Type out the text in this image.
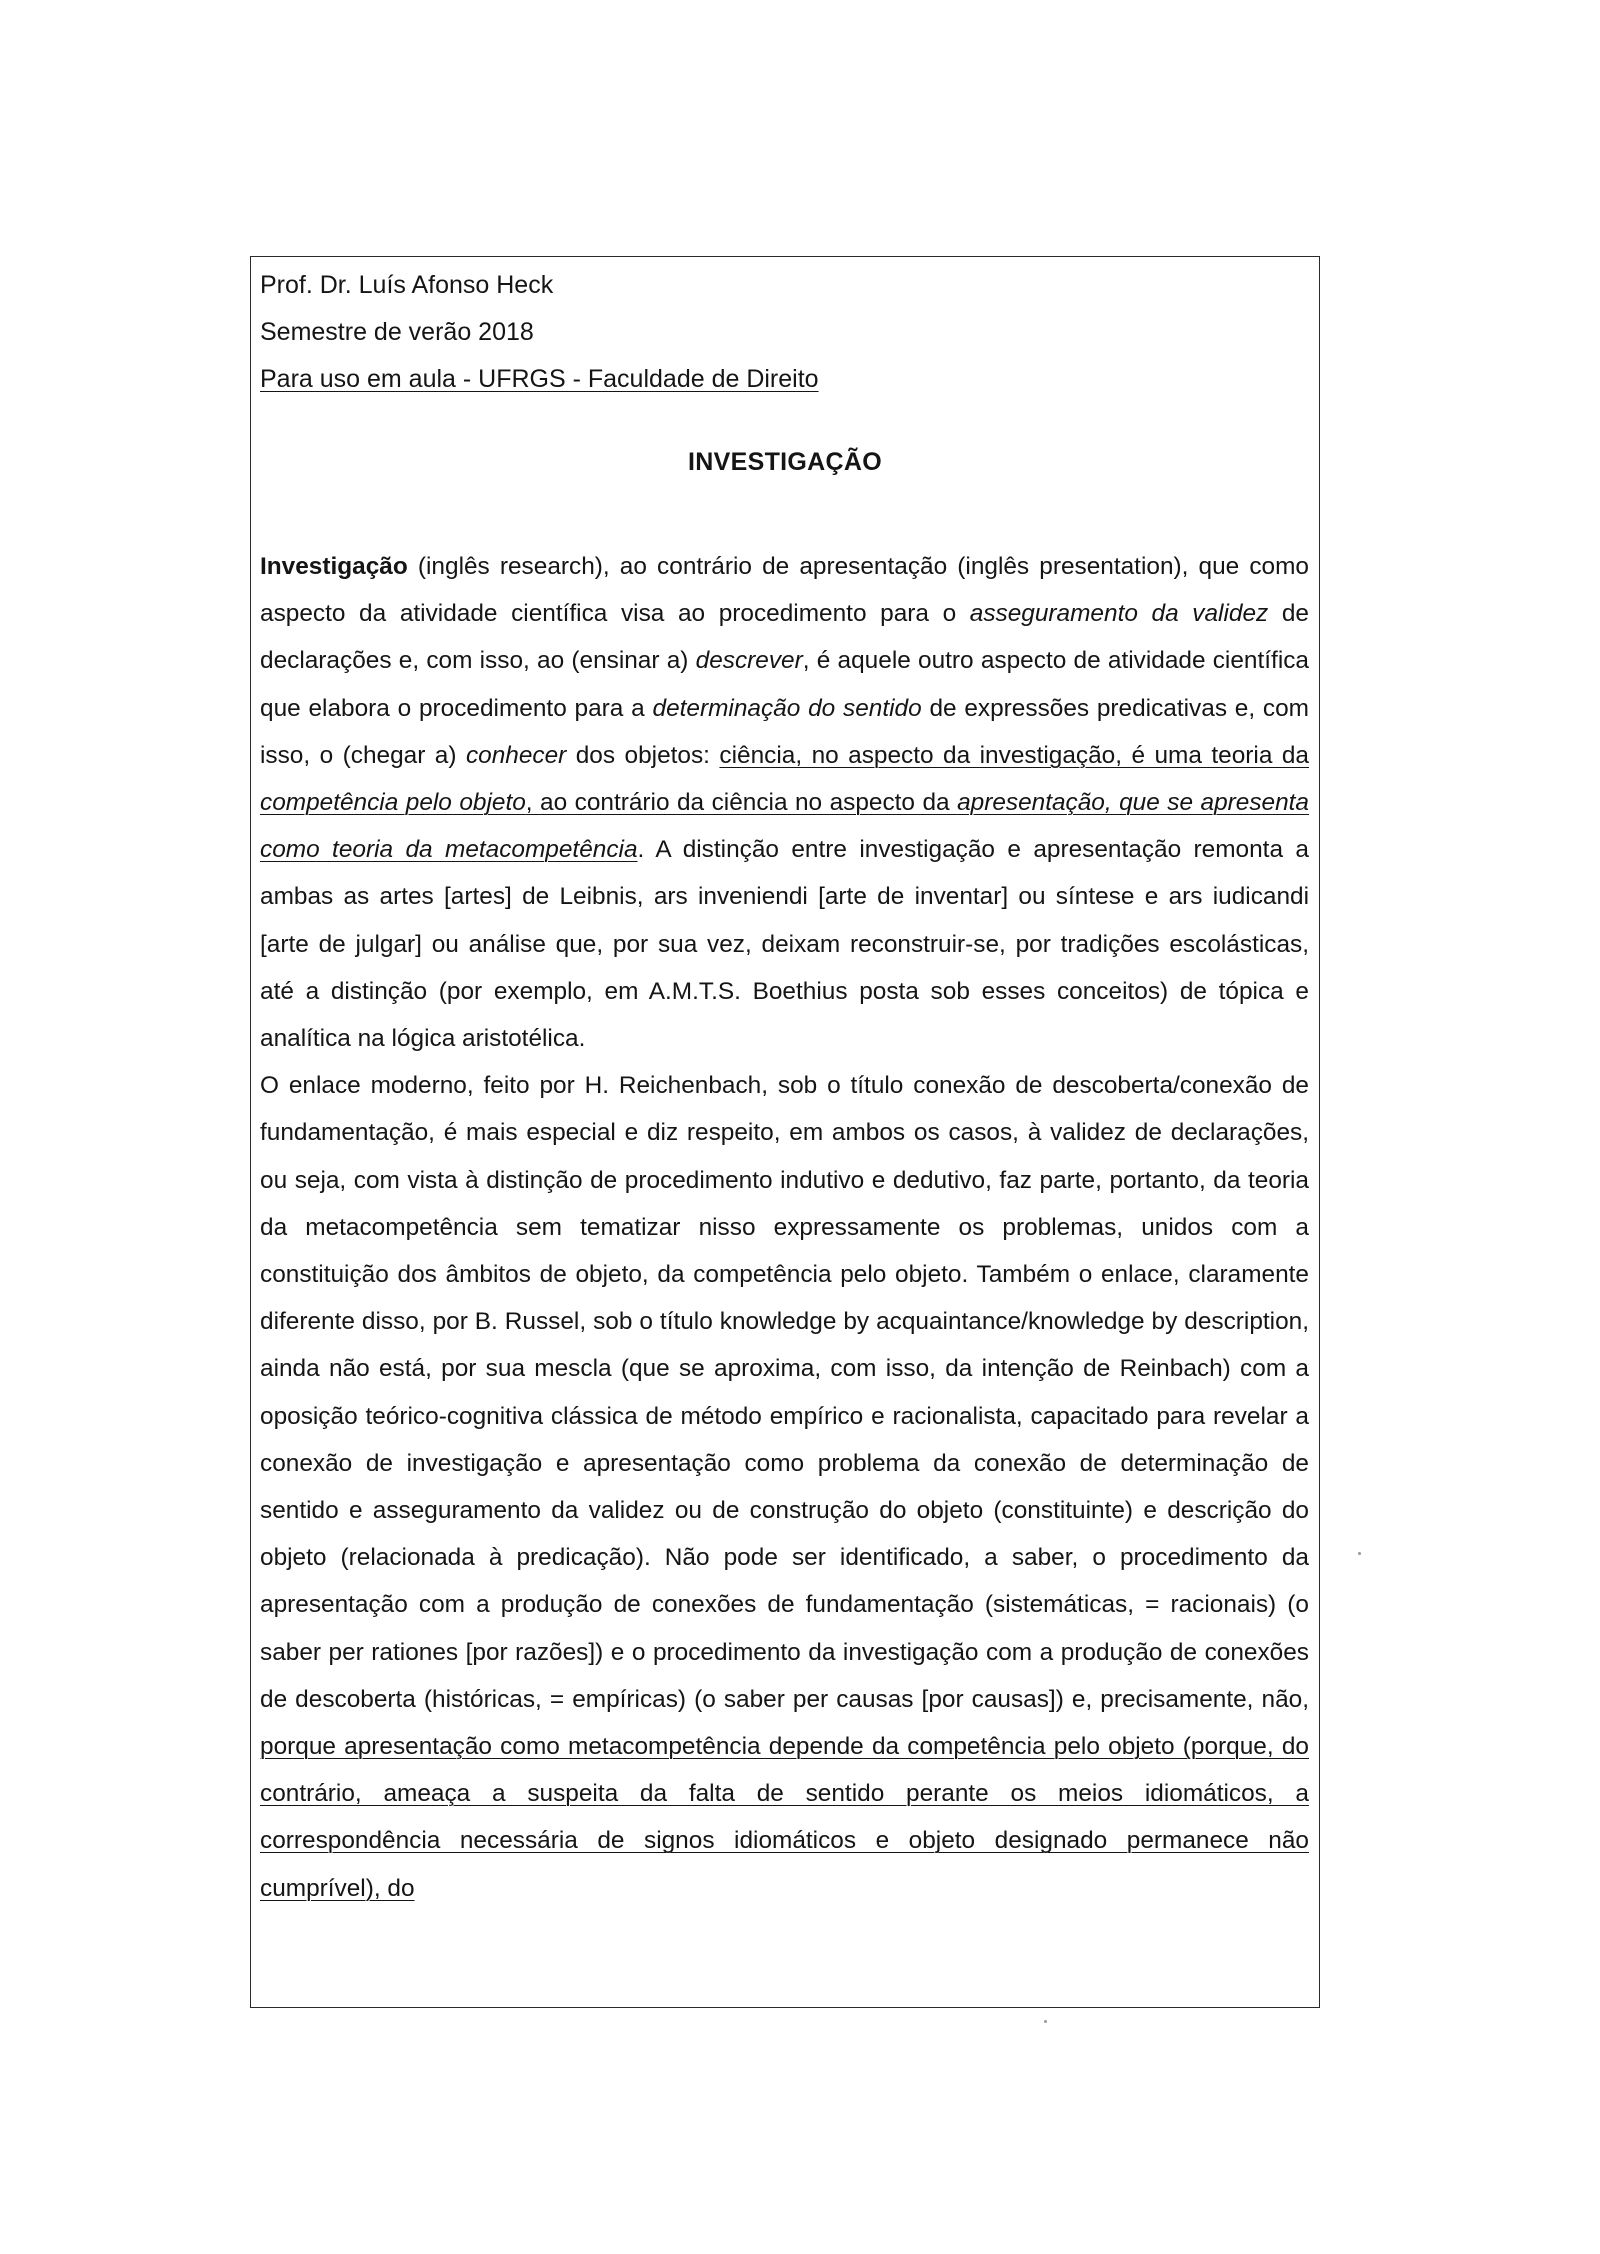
Prof. Dr. Luís Afonso Heck
Semestre de verão 2018
Para uso em aula - UFRGS - Faculdade de Direito
INVESTIGAÇÃO

Investigação (inglês research), ao contrário de apresentação (inglês presentation), que como aspecto da atividade científica visa ao procedimento para o asseguramento da validez de declarações e, com isso, ao (ensinar a) descrever, é aquele outro aspecto de atividade científica que elabora o procedimento para a determinação do sentido de expressões predicativas e, com isso, o (chegar a) conhecer dos objetos: ciência, no aspecto da investigação, é uma teoria da competência pelo objeto, ao contrário da ciência no aspecto da apresentação, que se apresenta como teoria da metacompetência. A distinção entre investigação e apresentação remonta a ambas as artes [artes] de Leibnis, ars inveniendi [arte de inventar] ou síntese e ars iudicandi [arte de julgar] ou análise que, por sua vez, deixam reconstruir-se, por tradições escolásticas, até a distinção (por exemplo, em A.M.T.S. Boethius posta sob esses conceitos) de tópica e analítica na lógica aristotélica.

O enlace moderno, feito por H. Reichenbach, sob o título conexão de descoberta/conexão de fundamentação, é mais especial e diz respeito, em ambos os casos, à validez de declarações, ou seja, com vista à distinção de procedimento indutivo e dedutivo, faz parte, portanto, da teoria da metacompetência sem tematizar nisso expressamente os problemas, unidos com a constituição dos âmbitos de objeto, da competência pelo objeto. Também o enlace, claramente diferente disso, por B. Russel, sob o título knowledge by acquaintance/knowledge by description, ainda não está, por sua mescla (que se aproxima, com isso, da intenção de Reinbach) com a oposição teórico-cognitiva clássica de método empírico e racionalista, capacitado para revelar a conexão de investigação e apresentação como problema da conexão de determinação de sentido e asseguramento da validez ou de construção do objeto (constituinte) e descrição do objeto (relacionada à predicação). Não pode ser identificado, a saber, o procedimento da apresentação com a produção de conexões de fundamentação (sistemáticas, = racionais) (o saber per rationes [por razões]) e o procedimento da investigação com a produção de conexões de descoberta (históricas, = empíricas) (o saber per causas [por causas]) e, precisamente, não, porque apresentação como metacompetência depende da competência pelo objeto (porque, do contrário, ameaça a suspeita da falta de sentido perante os meios idiomáticos, a correspondência necessária de signos idiomáticos e objeto designado permanece não cumprível), do
